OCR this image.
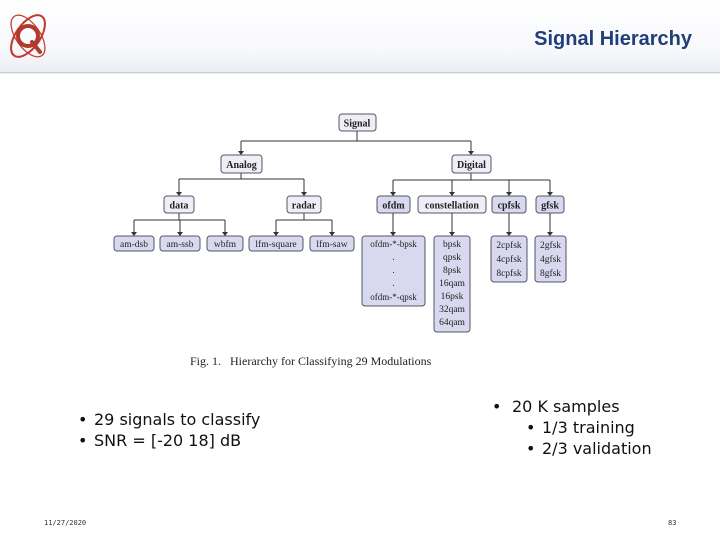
Signal Hierarchy
Signal
Analog	Digital
data	radar	ofdm constellation cpfsk gfsk
am-dsb am-ssb wbfm lfm-square lfm-saw	ofdm-*-bpsk
.
.
.
ofdm-*-qpsk
bpsk
qpsk
8psk
16qam
16psk
32qam
64qam
2cpfsk
4cpfsk
8cpfsk
2gfsk
4gfsk
8gfsk
Fig. 1.   Hierarchy for Classifying 29 Modulations
• 29 signals to classify
• SNR = [-20 18] dB
• 20 K samples
• 1/3 training
• 2/3 validation
11/27/2020	83
